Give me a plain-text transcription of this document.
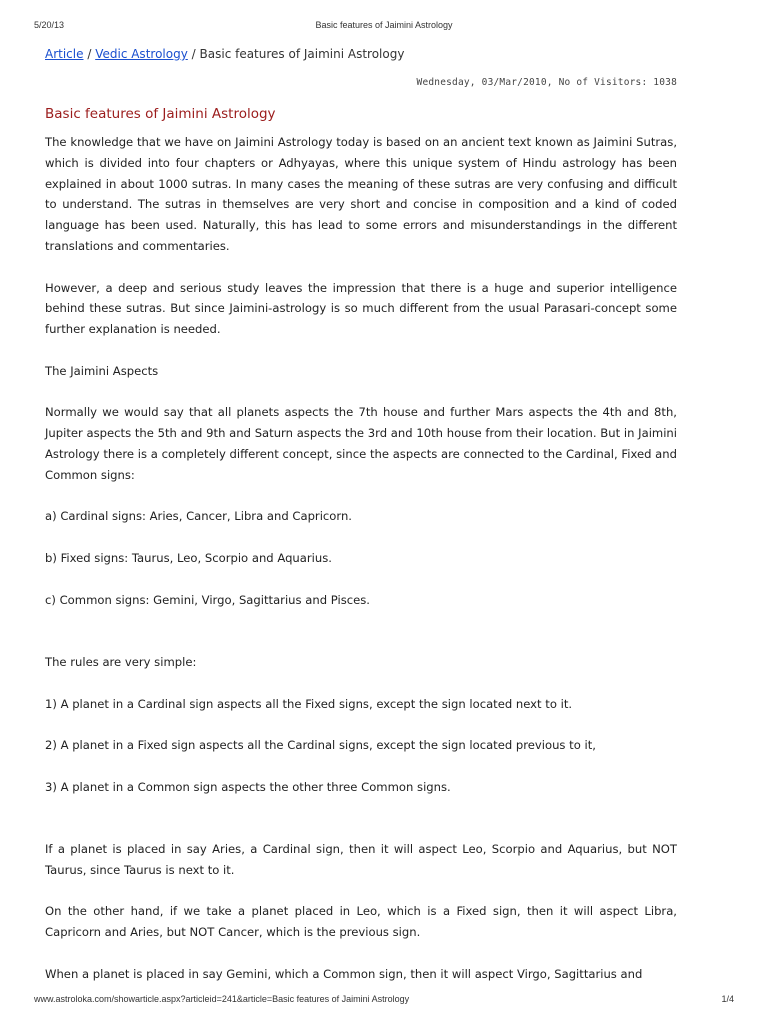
5/20/13	Basic features of Jaimini Astrology
Article / Vedic Astrology / Basic features of Jaimini Astrology
Wednesday, 03/Mar/2010, No of Visitors: 1038
Basic features of Jaimini Astrology

The knowledge that we have on Jaimini Astrology today is based on an ancient text known as Jaimini Sutras, which is divided into four chapters or Adhyayas, where this unique system of Hindu astrology has been explained in about 1000 sutras. In many cases the meaning of these sutras are very confusing and difficult to understand. The sutras in themselves are very short and concise in composition and a kind of coded language has been used. Naturally, this has lead to some errors and misunderstandings in the different translations and commentaries.

However, a deep and serious study leaves the impression that there is a huge and superior intelligence behind these sutras. But since Jaimini-astrology is so much different from the usual Parasari-concept some further explanation is needed.

The Jaimini Aspects

Normally we would say that all planets aspects the 7th house and further Mars aspects the 4th and 8th, Jupiter aspects the 5th and 9th and Saturn aspects the 3rd and 10th house from their location. But in Jaimini Astrology there is a completely different concept, since the aspects are connected to the Cardinal, Fixed and Common signs:

a) Cardinal signs: Aries, Cancer, Libra and Capricorn.

b) Fixed signs: Taurus, Leo, Scorpio and Aquarius.

c) Common signs: Gemini, Virgo, Sagittarius and Pisces.

The rules are very simple:

1) A planet in a Cardinal sign aspects all the Fixed signs, except the sign located next to it.

2) A planet in a Fixed sign aspects all the Cardinal signs, except the sign located previous to it,

3) A planet in a Common sign aspects the other three Common signs.

If a planet is placed in say Aries, a Cardinal sign, then it will aspect Leo, Scorpio and Aquarius, but NOT Taurus, since Taurus is next to it.

On the other hand, if we take a planet placed in Leo, which is a Fixed sign, then it will aspect Libra, Capricorn and Aries, but NOT Cancer, which is the previous sign.

When a planet is placed in say Gemini, which a Common sign, then it will aspect Virgo, Sagittarius and

www.astroloka.com/showarticle.aspx?articleid=241&article=Basic features of Jaimini Astrology	1/4
